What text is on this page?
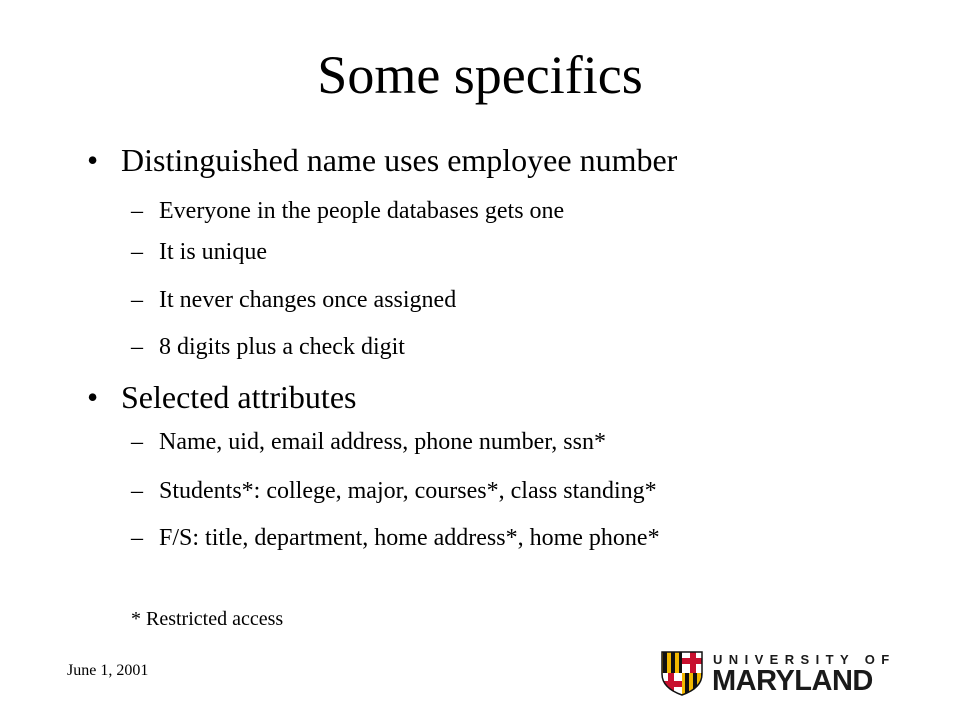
Some specifics
• Distinguished name uses employee number
– Everyone in the people databases gets one
– It is unique
– It never changes once assigned
– 8 digits plus a check digit
• Selected attributes
– Name, uid, email address, phone number, ssn*
– Students*: college, major, courses*, class standing*
– F/S: title, department, home address*, home phone*
* Restricted access
June 1, 2001
UNIVERSITY OF
MARYLAND
